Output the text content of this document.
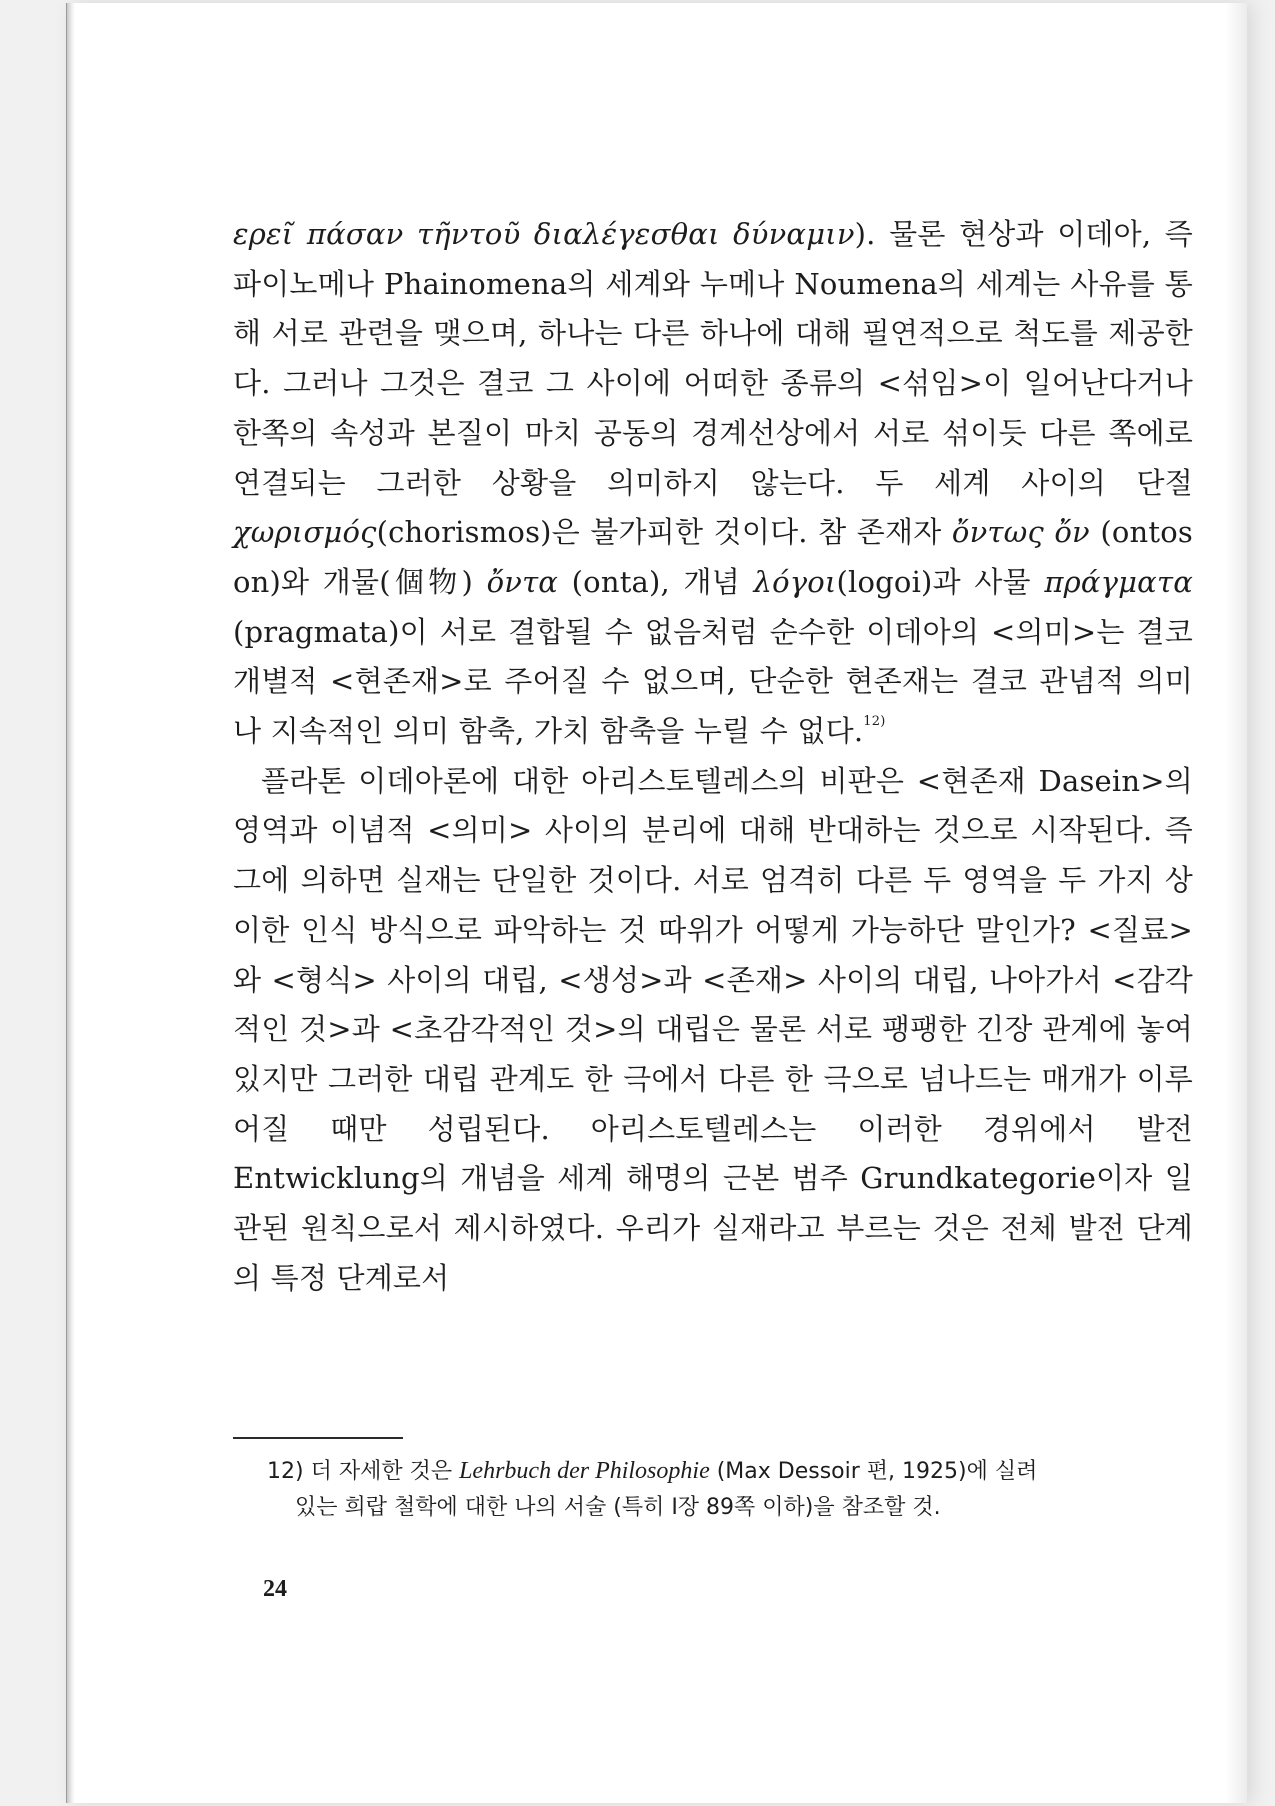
ερεῖ πάσαν τῆντοῦ διαλέγεσθαι δύναμιν). 물론 현상과 이데아, 즉 파이노메나 Phainomena의 세계와 누메나 Noumena의 세계는 사유를 통해 서로 관련을 맺으며, 하나는 다른 하나에 대해 필연적으로 척도를 제공한다. 그러나 그것은 결코 그 사이에 어떠한 종류의 <섞임>이 일어난다거나 한쪽의 속성과 본질이 마치 공동의 경계선상에서 서로 섞이듯 다른 쪽에로 연결되는 그러한 상황을 의미하지 않는다. 두 세계 사이의 단절 χωρισμός(chorismos)은 불가피한 것이다. 참 존재자 ὄντως ὄν (ontos on)와 개물(個物) ὄντα (onta), 개념 λόγοι(logoi)과 사물 πράγματα (pragmata)이 서로 결합될 수 없음처럼 순수한 이데아의 <의미>는 결코 개별적 <현존재>로 주어질 수 없으며, 단순한 현존재는 결코 관념적 의미나 지속적인 의미 함축, 가치 함축을 누릴 수 없다.$^{12)}$

플라톤 이데아론에 대한 아리스토텔레스의 비판은 <현존재 Dasein>의 영역과 이념적 <의미> 사이의 분리에 대해 반대하는 것으로 시작된다. 즉 그에 의하면 실재는 단일한 것이다. 서로 엄격히 다른 두 영역을 두 가지 상이한 인식 방식으로 파악하는 것 따위가 어떻게 가능하단 말인가? <질료>와 <형식> 사이의 대립, <생성>과 <존재> 사이의 대립, 나아가서 <감각적인 것>과 <초감각적인 것>의 대립은 물론 서로 팽팽한 긴장 관계에 놓여 있지만 그러한 대립 관계도 한 극에서 다른 한 극으로 넘나드는 매개가 이루어질 때만 성립된다. 아리스토텔레스는 이러한 경위에서 발전 Entwicklung의 개념을 세계 해명의 근본 범주 Grundkategorie이자 일관된 원칙으로서 제시하였다. 우리가 실재라고 부르는 것은 전체 발전 단계의 특정 단계로서

12) 더 자세한 것은 Lehrbuch der Philosophie (Max Dessoir 편, 1925)에 실려
있는 희랍 철학에 대한 나의 서술 (특히 I장 89쪽 이하)을 참조할 것.
24
